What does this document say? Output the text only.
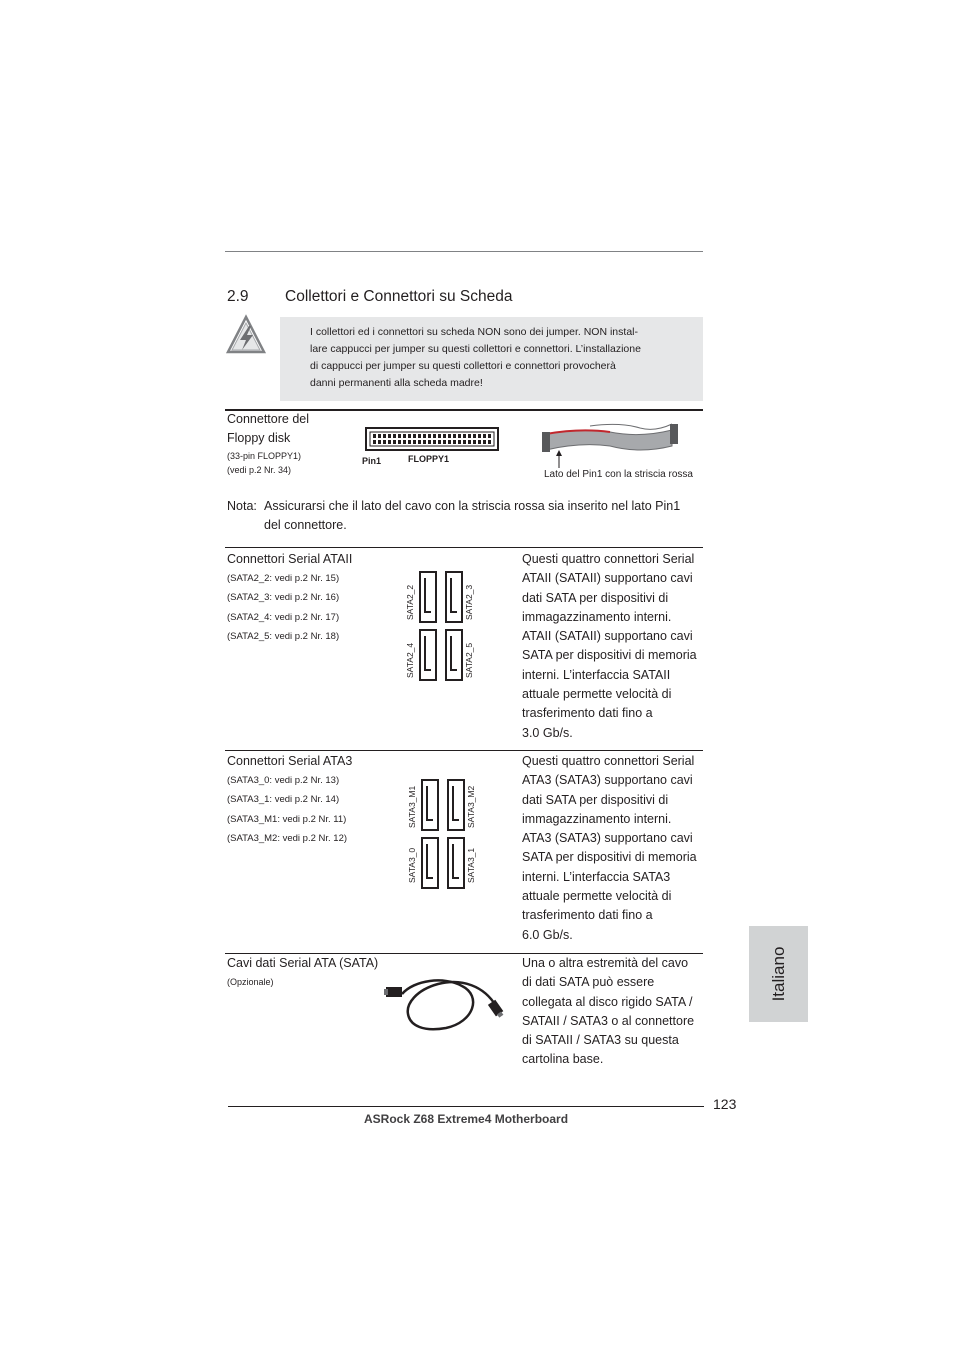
2.9 Collettori e Connettori su Scheda
I collettori ed i connettori su scheda NON sono dei jumper. NON instal-
lare cappucci per jumper su questi collettori e connettori. L’installazione
di cappucci per jumper su questi collettori e connettori provocherà
danni permanenti alla scheda madre!
Connettore del
Floppy disk
(33-pin FLOPPY1)
(vedi p.2 Nr. 34)
Pin1	FLOPPY1
Lato del Pin1 con la striscia rossa
Nota: Assicurarsi che il lato del cavo con la striscia rossa sia inserito nel lato Pin1
del connettore.
Connettori Serial ATAII
(SATA2_2: vedi p.2 Nr. 15)
(SATA2_3: vedi p.2 Nr. 16)
(SATA2_4: vedi p.2 Nr. 17)
(SATA2_5: vedi p.2 Nr. 18)
SATA2_2	SATA2_3
SATA2_4	SATA2_5
Questi quattro connettori Serial
ATAII (SATAII) supportano cavi
dati SATA per dispositivi di
immagazzinamento interni.
ATAII (SATAII) supportano cavi
SATA per dispositivi di memoria
interni. L’interfaccia SATAII
attuale permette velocità di
trasferimento dati fino a
3.0 Gb/s.
Connettori Serial ATA3
(SATA3_0: vedi p.2 Nr. 13)
(SATA3_1: vedi p.2 Nr. 14)
(SATA3_M1: vedi p.2 Nr. 11)
(SATA3_M2: vedi p.2 Nr. 12)
SATA3_M1	SATA3_M2
SATA3_0	SATA3_1
Questi quattro connettori Serial
ATA3 (SATA3) supportano cavi
dati SATA per dispositivi di
immagazzinamento interni.
ATA3 (SATA3) supportano cavi
SATA per dispositivi di memoria
interni. L’interfaccia SATA3
attuale permette velocità di
trasferimento dati fino a
6.0 Gb/s.
Cavi dati Serial ATA (SATA)
(Opzionale)
Una o altra estremità del cavo
di dati SATA può essere
collegata al disco rigido SATA /
SATAII / SATA3 o al connettore
di SATAII / SATA3 su questa
cartolina base.
Italiano
123
ASRock Z68 Extreme4 Motherboard
